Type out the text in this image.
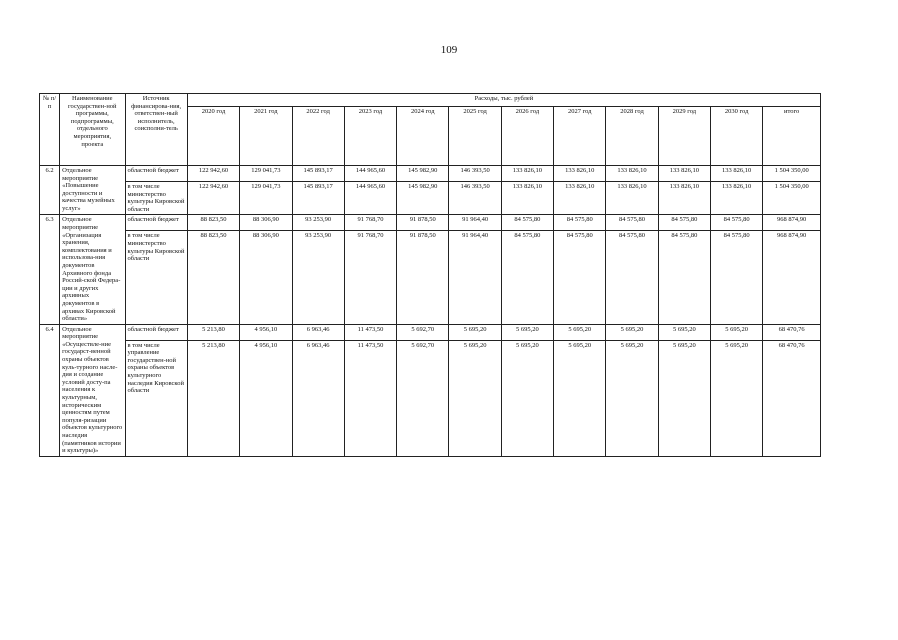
109
№ п/п	Наименование государствен-ной программы, подпрограммы, отдельного мероприятия, проекта	Источник финансирова-ния, ответствен-ный исполнитель, соисполни-тель	Расходы, тыс. рублей											
			2020 год	2021 год	2022 год	2023 год	2024 год	2025 год	2026 год	2027 год	2028 год	2029 год	2030 год	итого
6.2	Отдельное мероприятие «Повышение доступности и качества музейных услуг»	областной бюджет	122 942,60	129 041,73	145 893,17	144 965,60	145 982,90	146 393,50	133 826,10	133 826,10	133 826,10	133 826,10	133 826,10	1 504 350,00
		в том числе министерство культуры Кировской области	122 942,60	129 041,73	145 893,17	144 965,60	145 982,90	146 393,50	133 826,10	133 826,10	133 826,10	133 826,10	133 826,10	1 504 350,00
6.3	Отдельное мероприятие «Организация хранения, комплектования и использова-ния документов Архивного фонда Россий-ской Федера-ции и других архивных документов в архивах Кировской области»	областной бюджет	88 823,50	88 306,90	93 253,90	91 768,70	91 878,50	91 964,40	84 575,80	84 575,80	84 575,80	84 575,80	84 575,80	968 874,90
		в том числе министерство культуры Кировской области	88 823,50	88 306,90	93 253,90	91 768,70	91 878,50	91 964,40	84 575,80	84 575,80	84 575,80	84 575,80	84 575,80	968 874,90
6.4	Отдельное мероприятие «Осуществле-ние государст-венной охраны объектов куль-турного насле-дия и создание условий досту-па населения к культурным, историческим ценностям путем популя-ризации объектов культурного наследия (памятников истории и культуры)»	областной бюджет	5 213,80	4 956,10	6 963,46	11 473,50	5 692,70	5 695,20	5 695,20	5 695,20	5 695,20	5 695,20	5 695,20	68 470,76
		в том числе управление государствен-ной охраны объектов культурного наследия Кировской области	5 213,80	4 956,10	6 963,46	11 473,50	5 692,70	5 695,20	5 695,20	5 695,20	5 695,20	5 695,20	5 695,20	68 470,76
